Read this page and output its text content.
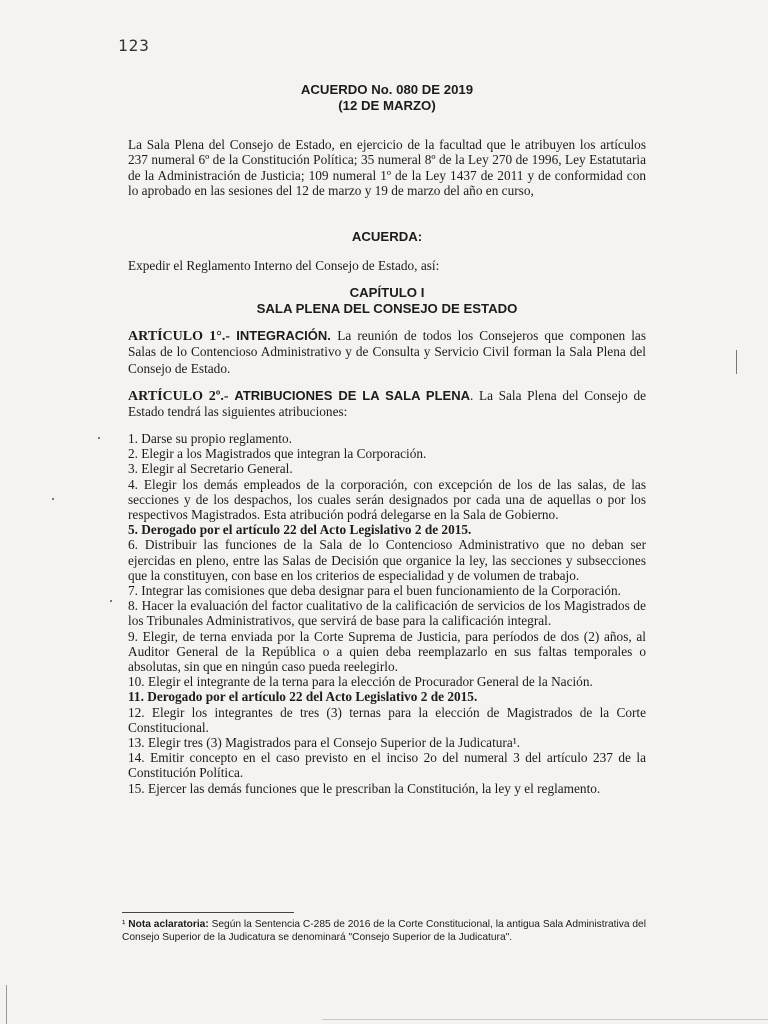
123
ACUERDO No. 080 DE 2019
(12 DE MARZO)
La Sala Plena del Consejo de Estado, en ejercicio de la facultad que le atribuyen los artículos 237 numeral 6º de la Constitución Política; 35 numeral 8º de la Ley 270 de 1996, Ley Estatutaria de la Administración de Justicia; 109 numeral 1º de la Ley 1437 de 2011 y de conformidad con lo aprobado en las sesiones del 12 de marzo y 19 de marzo del año en curso,
ACUERDA:
Expedir el Reglamento Interno del Consejo de Estado, así:
CAPÍTULO I
SALA PLENA DEL CONSEJO DE ESTADO
ARTÍCULO 1°.- INTEGRACIÓN. La reunión de todos los Consejeros que componen las Salas de lo Contencioso Administrativo y de Consulta y Servicio Civil forman la Sala Plena del Consejo de Estado.
ARTÍCULO 2º.- ATRIBUCIONES DE LA SALA PLENA. La Sala Plena del Consejo de Estado tendrá las siguientes atribuciones:
1. Darse su propio reglamento.
2. Elegir a los Magistrados que integran la Corporación.
3. Elegir al Secretario General.
4. Elegir los demás empleados de la corporación, con excepción de los de las salas, de las secciones y de los despachos, los cuales serán designados por cada una de aquellas o por los respectivos Magistrados. Esta atribución podrá delegarse en la Sala de Gobierno.
5. Derogado por el artículo 22 del Acto Legislativo 2 de 2015.
6. Distribuir las funciones de la Sala de lo Contencioso Administrativo que no deban ser ejercidas en pleno, entre las Salas de Decisión que organice la ley, las secciones y subsecciones que la constituyen, con base en los criterios de especialidad y de volumen de trabajo.
7. Integrar las comisiones que deba designar para el buen funcionamiento de la Corporación.
8. Hacer la evaluación del factor cualitativo de la calificación de servicios de los Magistrados de los Tribunales Administrativos, que servirá de base para la calificación integral.
9. Elegir, de terna enviada por la Corte Suprema de Justicia, para períodos de dos (2) años, al Auditor General de la República o a quien deba reemplazarlo en sus faltas temporales o absolutas, sin que en ningún caso pueda reelegirlo.
10. Elegir el integrante de la terna para la elección de Procurador General de la Nación.
11. Derogado por el artículo 22 del Acto Legislativo 2 de 2015.
12. Elegir los integrantes de tres (3) ternas para la elección de Magistrados de la Corte Constitucional.
13. Elegir tres (3) Magistrados para el Consejo Superior de la Judicatura¹.
14. Emitir concepto en el caso previsto en el inciso 2o del numeral 3 del artículo 237 de la Constitución Política.
15. Ejercer las demás funciones que le prescriban la Constitución, la ley y el reglamento.
¹ Nota aclaratoria: Según la Sentencia C-285 de 2016 de la Corte Constitucional, la antigua Sala Administrativa del Consejo Superior de la Judicatura se denominará "Consejo Superior de la Judicatura".
